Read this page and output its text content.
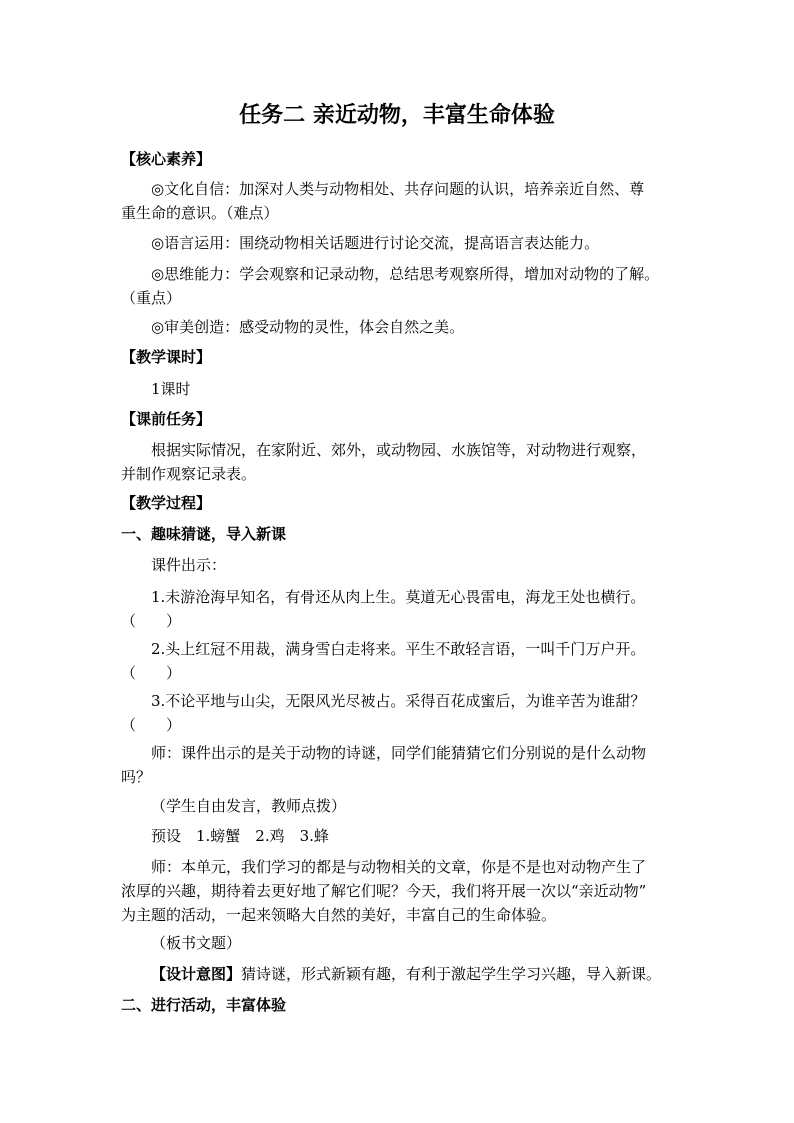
任务二 亲近动物，丰富生命体验
【核心素养】
◎文化自信：加深对人类与动物相处、共存问题的认识，培养亲近自然、尊
重生命的意识。（难点）
◎语言运用：围绕动物相关话题进行讨论交流，提高语言表达能力。
◎思维能力：学会观察和记录动物，总结思考观察所得，增加对动物的了解。
（重点）
◎审美创造：感受动物的灵性，体会自然之美。
【教学课时】
1课时
【课前任务】
根据实际情况，在家附近、郊外，或动物园、水族馆等，对动物进行观察，
并制作观察记录表。
【教学过程】
一、趣味猜谜，导入新课
课件出示：
1.未游沧海早知名，有骨还从肉上生。莫道无心畏雷电，海龙王处也横行。
（　　）
2.头上红冠不用裁，满身雪白走将来。平生不敢轻言语，一叫千门万户开。
（　　）
3.不论平地与山尖，无限风光尽被占。采得百花成蜜后，为谁辛苦为谁甜？
（　　）
师：课件出示的是关于动物的诗谜，同学们能猜猜它们分别说的是什么动物
吗？
（学生自由发言，教师点拨）
预设　1.螃蟹　2.鸡　3.蜂
师：本单元，我们学习的都是与动物相关的文章，你是不是也对动物产生了
浓厚的兴趣，期待着去更好地了解它们呢？今天，我们将开展一次以“亲近动物”
为主题的活动，一起来领略大自然的美好，丰富自己的生命体验。
（板书文题）
【设计意图】猜诗谜，形式新颖有趣，有利于激起学生学习兴趣，导入新课。
二、进行活动，丰富体验
